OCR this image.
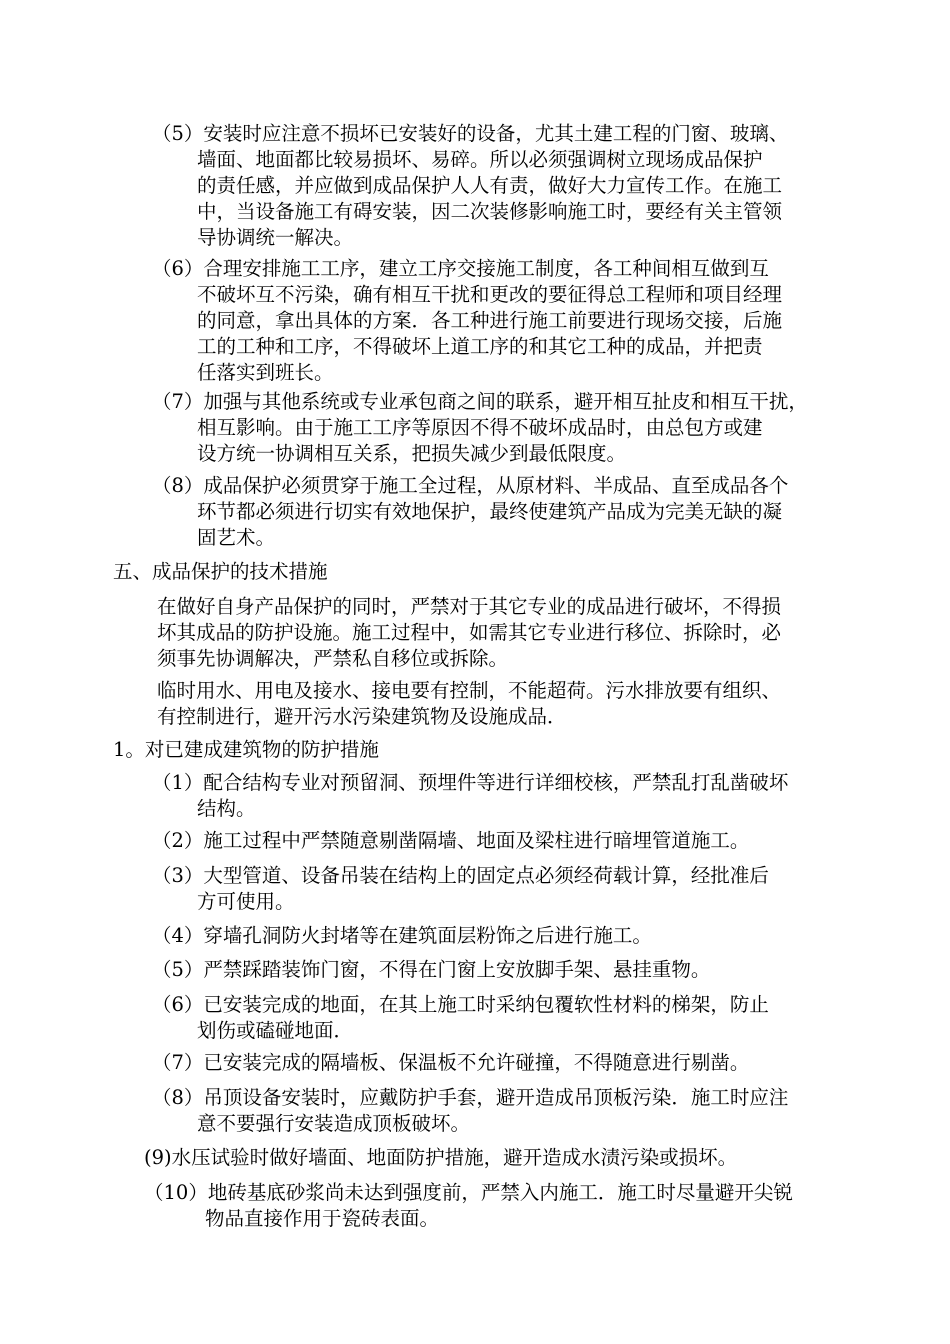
（5）安装时应注意不损坏已安装好的设备，尤其土建工程的门窗、玻璃、
墙面、地面都比较易损坏、易碎。所以必须强调树立现场成品保护
的责任感，并应做到成品保护人人有责，做好大力宣传工作。在施工
中，当设备施工有碍安装，因二次装修影响施工时，要经有关主管领
导协调统一解决。
（6）合理安排施工工序，建立工序交接施工制度，各工种间相互做到互
不破坏互不污染，确有相互干扰和更改的要征得总工程师和项目经理
的同意，拿出具体的方案．各工种进行施工前要进行现场交接，后施
工的工种和工序，不得破坏上道工序的和其它工种的成品，并把责
任落实到班长。
（7）加强与其他系统或专业承包商之间的联系，避开相互扯皮和相互干扰，
相互影响。由于施工工序等原因不得不破坏成品时，由总包方或建
设方统一协调相互关系，把损失减少到最低限度。
（8）成品保护必须贯穿于施工全过程，从原材料、半成品、直至成品各个
环节都必须进行切实有效地保护，最终使建筑产品成为完美无缺的凝
固艺术。
五、成品保护的技术措施
在做好自身产品保护的同时，严禁对于其它专业的成品进行破坏，不得损
坏其成品的防护设施。施工过程中，如需其它专业进行移位、拆除时，必
须事先协调解决，严禁私自移位或拆除。
临时用水、用电及接水、接电要有控制，不能超荷。污水排放要有组织、
有控制进行，避开污水污染建筑物及设施成品．
1。对已建成建筑物的防护措施
（1）配合结构专业对预留洞、预埋件等进行详细校核，严禁乱打乱凿破坏
结构。
（2）施工过程中严禁随意剔凿隔墙、地面及梁柱进行暗埋管道施工。
（3）大型管道、设备吊装在结构上的固定点必须经荷载计算，经批准后
方可使用。
（4）穿墙孔洞防火封堵等在建筑面层粉饰之后进行施工。
（5）严禁踩踏装饰门窗，不得在门窗上安放脚手架、悬挂重物。
（6）已安装完成的地面，在其上施工时采纳包覆软性材料的梯架，防止
划伤或磕碰地面．
（7）已安装完成的隔墙板、保温板不允许碰撞，不得随意进行剔凿。
（8）吊顶设备安装时，应戴防护手套，避开造成吊顶板污染．施工时应注
意不要强行安装造成顶板破坏。
(9)水压试验时做好墙面、地面防护措施，避开造成水渍污染或损坏。
（10）地砖基底砂浆尚未达到强度前，严禁入内施工．施工时尽量避开尖锐
物品直接作用于瓷砖表面。
